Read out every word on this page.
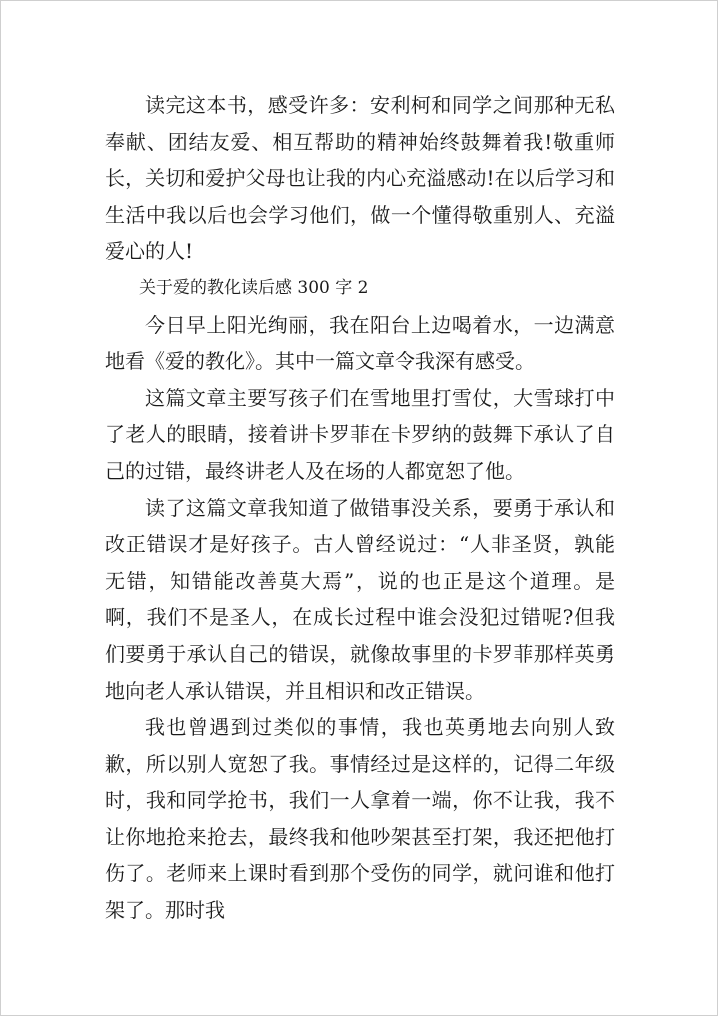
读完这本书，感受许多：安利柯和同学之间那种无私奉献、团结友爱、相互帮助的精神始终鼓舞着我!敬重师长，关切和爱护父母也让我的内心充溢感动!在以后学习和生活中我以后也会学习他们，做一个懂得敬重别人、充溢爱心的人!

关于爱的教化读后感 300 字 2

今日早上阳光绚丽，我在阳台上边喝着水，一边满意地看《爱的教化》。其中一篇文章令我深有感受。

这篇文章主要写孩子们在雪地里打雪仗，大雪球打中了老人的眼睛，接着讲卡罗菲在卡罗纳的鼓舞下承认了自己的过错，最终讲老人及在场的人都宽恕了他。

读了这篇文章我知道了做错事没关系，要勇于承认和改正错误才是好孩子。古人曾经说过：“人非圣贤，孰能无错，知错能改善莫大焉”，说的也正是这个道理。是啊，我们不是圣人，在成长过程中谁会没犯过错呢?但我们要勇于承认自己的错误，就像故事里的卡罗菲那样英勇地向老人承认错误，并且相识和改正错误。

我也曾遇到过类似的事情，我也英勇地去向别人致歉，所以别人宽恕了我。事情经过是这样的，记得二年级时，我和同学抢书，我们一人拿着一端，你不让我，我不让你地抢来抢去，最终我和他吵架甚至打架，我还把他打伤了。老师来上课时看到那个受伤的同学，就问谁和他打架了。那时我
